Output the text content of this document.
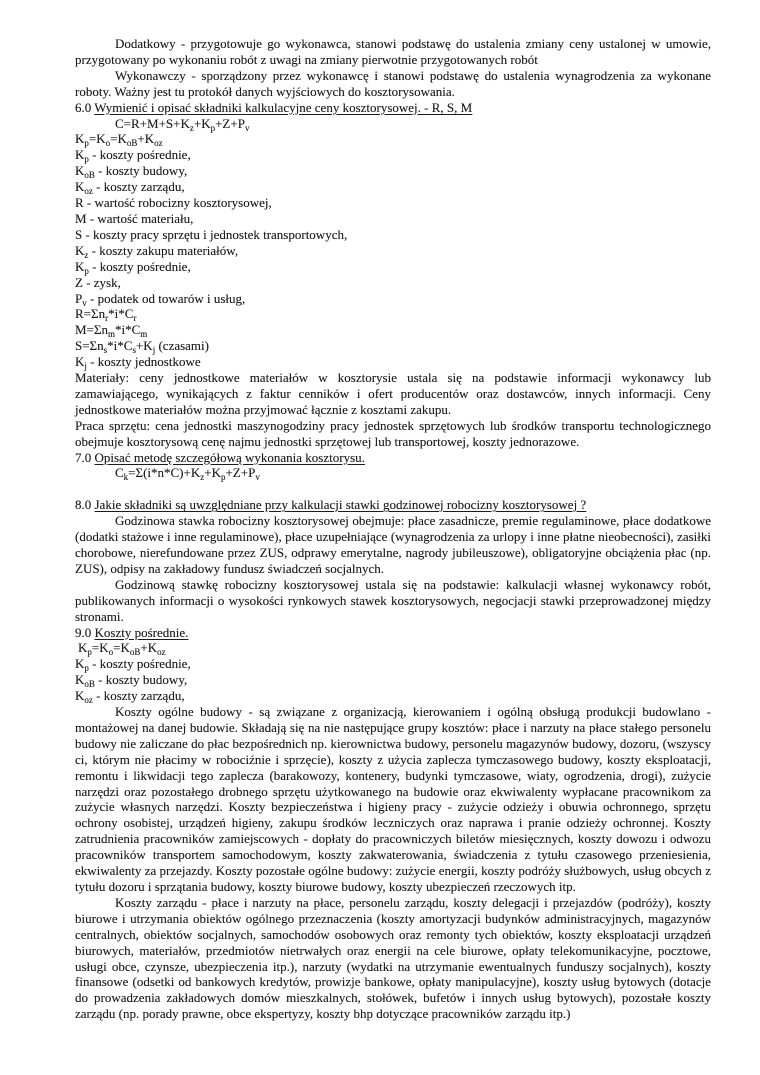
Dodatkowy - przygotowuje go wykonawca, stanowi podstawę do ustalenia zmiany ceny ustalonej w umowie, przygotowany po wykonaniu robót z uwagi na zmiany pierwotnie przygotowanych robót
Wykonawczy - sporządzony przez wykonawcę i stanowi podstawę do ustalenia wynagrodzenia za wykonane roboty. Ważny jest tu protokół danych wyjściowych do kosztorysowania.
6.0 Wymienić i opisać składniki kalkulacyjne ceny kosztorysowej. - R, S, M
$C=R+M+S+K_z+K_p+Z+P_v$
$K_p=K_o=K_{oB}+K_{oz}$
$K_p$ - koszty pośrednie,
$K_{oB}$ - koszty budowy,
$K_{oz}$ - koszty zarządu,
R - wartość robocizny kosztorysowej,
M - wartość materiału,
S - koszty pracy sprzętu i jednostek transportowych,
$K_z$ - koszty zakupu materiałów,
$K_p$ - koszty pośrednie,
Z - zysk,
$P_v$ - podatek od towarów i usług,
$R=\Sigma n_r*i*C_r$
$M=\Sigma n_m*i*C_m$
$S=\Sigma n_s*i*C_s+K_j$ (czasami)
$K_j$ - koszty jednostkowe
Materiały: ceny jednostkowe materiałów w kosztorysie ustala się na podstawie informacji wykonawcy lub zamawiającego, wynikających z faktur cenników i ofert producentów oraz dostawców, innych informacji. Ceny jednostkowe materiałów można przyjmować łącznie z kosztami zakupu.
Praca sprzętu: cena jednostki maszynogodziny pracy jednostek sprzętowych lub środków transportu technologicznego obejmuje kosztorysową cenę najmu jednostki sprzętowej lub transportowej, koszty jednorazowe.
7.0 Opisać metodę szczegółową wykonania kosztorysu.
$C_k=\Sigma(i*n*C)+K_z+K_p+Z+P_v$
8.0 Jakie składniki są uwzględniane przy kalkulacji stawki godzinowej robocizny kosztorysowej ?
Godzinowa stawka robocizny kosztorysowej obejmuje: płace zasadnicze, premie regulaminowe, płace dodatkowe (dodatki stażowe i inne regulaminowe), płace uzupełniające (wynagrodzenia za urlopy i inne płatne nieobecności), zasiłki chorobowe, nierefundowane przez ZUS, odprawy emerytalne, nagrody jubileuszowe), obligatoryjne obciążenia płac (np. ZUS), odpisy na zakładowy fundusz świadczeń socjalnych.
Godzinową stawkę robocizny kosztorysowej ustala się na podstawie: kalkulacji własnej wykonawcy robót, publikowanych informacji o wysokości rynkowych stawek kosztorysowych, negocjacji stawki przeprowadzonej między stronami.
9.0 Koszty pośrednie.
$K_p=K_o=K_{oB}+K_{oz}$
$K_p$ - koszty pośrednie,
$K_{oB}$ - koszty budowy,
$K_{oz}$ - koszty zarządu,
Koszty ogólne budowy - są związane z organizacją, kierowaniem i ogólną obsługą produkcji budowlano - montażowej na danej budowie. Składają się na nie następujące grupy kosztów: płace i narzuty na płace stałego personelu budowy nie zaliczane do płac bezpośrednich np. kierownictwa budowy, personelu magazynów budowy, dozoru, (wszyscy ci, którym nie płacimy w robociźnie i sprzęcie), koszty z użycia zaplecza tymczasowego budowy, koszty eksploatacji, remontu i likwidacji tego zaplecza (barakowozy, kontenery, budynki tymczasowe, wiaty, ogrodzenia, drogi), zużycie narzędzi oraz pozostałego drobnego sprzętu użytkowanego na budowie oraz ekwiwalenty wypłacane pracownikom za zużycie własnych narzędzi. Koszty bezpieczeństwa i higieny pracy - zużycie odzieży i obuwia ochronnego, sprzętu ochrony osobistej, urządzeń higieny, zakupu środków leczniczych oraz naprawa i pranie odzieży ochronnej. Koszty zatrudnienia pracowników zamiejscowych - dopłaty do pracowniczych biletów miesięcznych, koszty dowozu i odwozu pracowników transportem samochodowym, koszty zakwaterowania, świadczenia z tytułu czasowego przeniesienia, ekwiwalenty za przejazdy. Koszty pozostałe ogólne budowy: zużycie energii, koszty podróży służbowych, usług obcych z tytułu dozoru i sprzątania budowy, koszty biurowe budowy, koszty ubezpieczeń rzeczowych itp.
Koszty zarządu - płace i narzuty na płace, personelu zarządu, koszty delegacji i przejazdów (podróży), koszty biurowe i utrzymania obiektów ogólnego przeznaczenia (koszty amortyzacji budynków administracyjnych, magazynów centralnych, obiektów socjalnych, samochodów osobowych oraz remonty tych obiektów, koszty eksploatacji urządzeń biurowych, materiałów, przedmiotów nietrwałych oraz energii na cele biurowe, opłaty telekomunikacyjne, pocztowe, usługi obce, czynsze, ubezpieczenia itp.), narzuty (wydatki na utrzymanie ewentualnych funduszy socjalnych), koszty finansowe (odsetki od bankowych kredytów, prowizje bankowe, opłaty manipulacyjne), koszty usług bytowych (dotacje do prowadzenia zakładowych domów mieszkalnych, stołówek, bufetów i innych usług bytowych), pozostałe koszty zarządu (np. porady prawne, obce ekspertyzy, koszty bhp dotyczące pracowników zarządu itp.)
